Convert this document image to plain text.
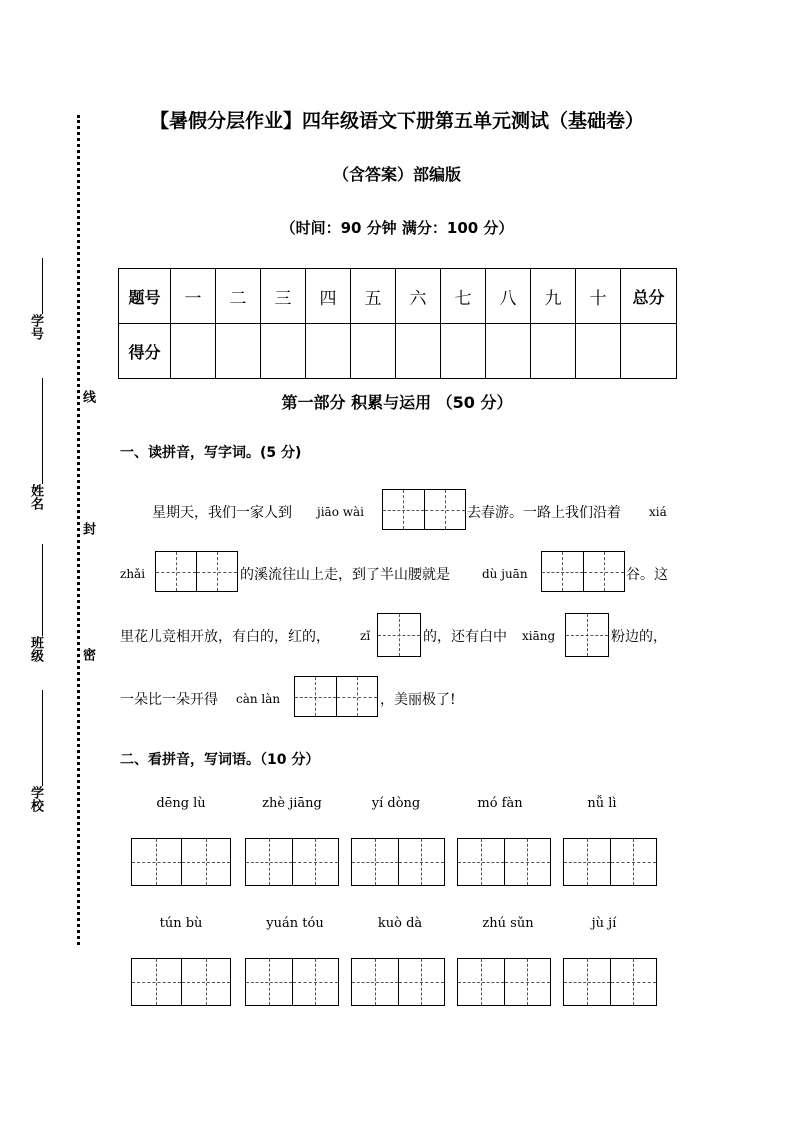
学号
姓名
班级
学校
线
封
密
【暑假分层作业】四年级语文下册第五单元测试（基础卷）
（含答案）部编版
（时间：90 分钟 满分：100 分）
题号	一	二	三	四	五	六	七	八	九	十	总分
得分											
第一部分 积累与运用 （50 分）
一、读拼音，写字词。(5 分)
星期天，我们一家人到 jiāo wài	去春游。一路上我们沿着 xiá
zhǎi	的溪流往山上走，到了半山腰就是	dù juān	谷。这
里花儿竞相开放，有白的，红的，	zǐ	的，还有白中 xiāng	粉边的，
一朵比一朵开得 càn làn	，美丽极了!
二、看拼音，写词语。（10 分）
dēng lù	zhè jiāng	yí dòng	mó fàn	nǚ lì
tún bù	yuán tóu	kuò dà	zhú sǔn	jù jí
